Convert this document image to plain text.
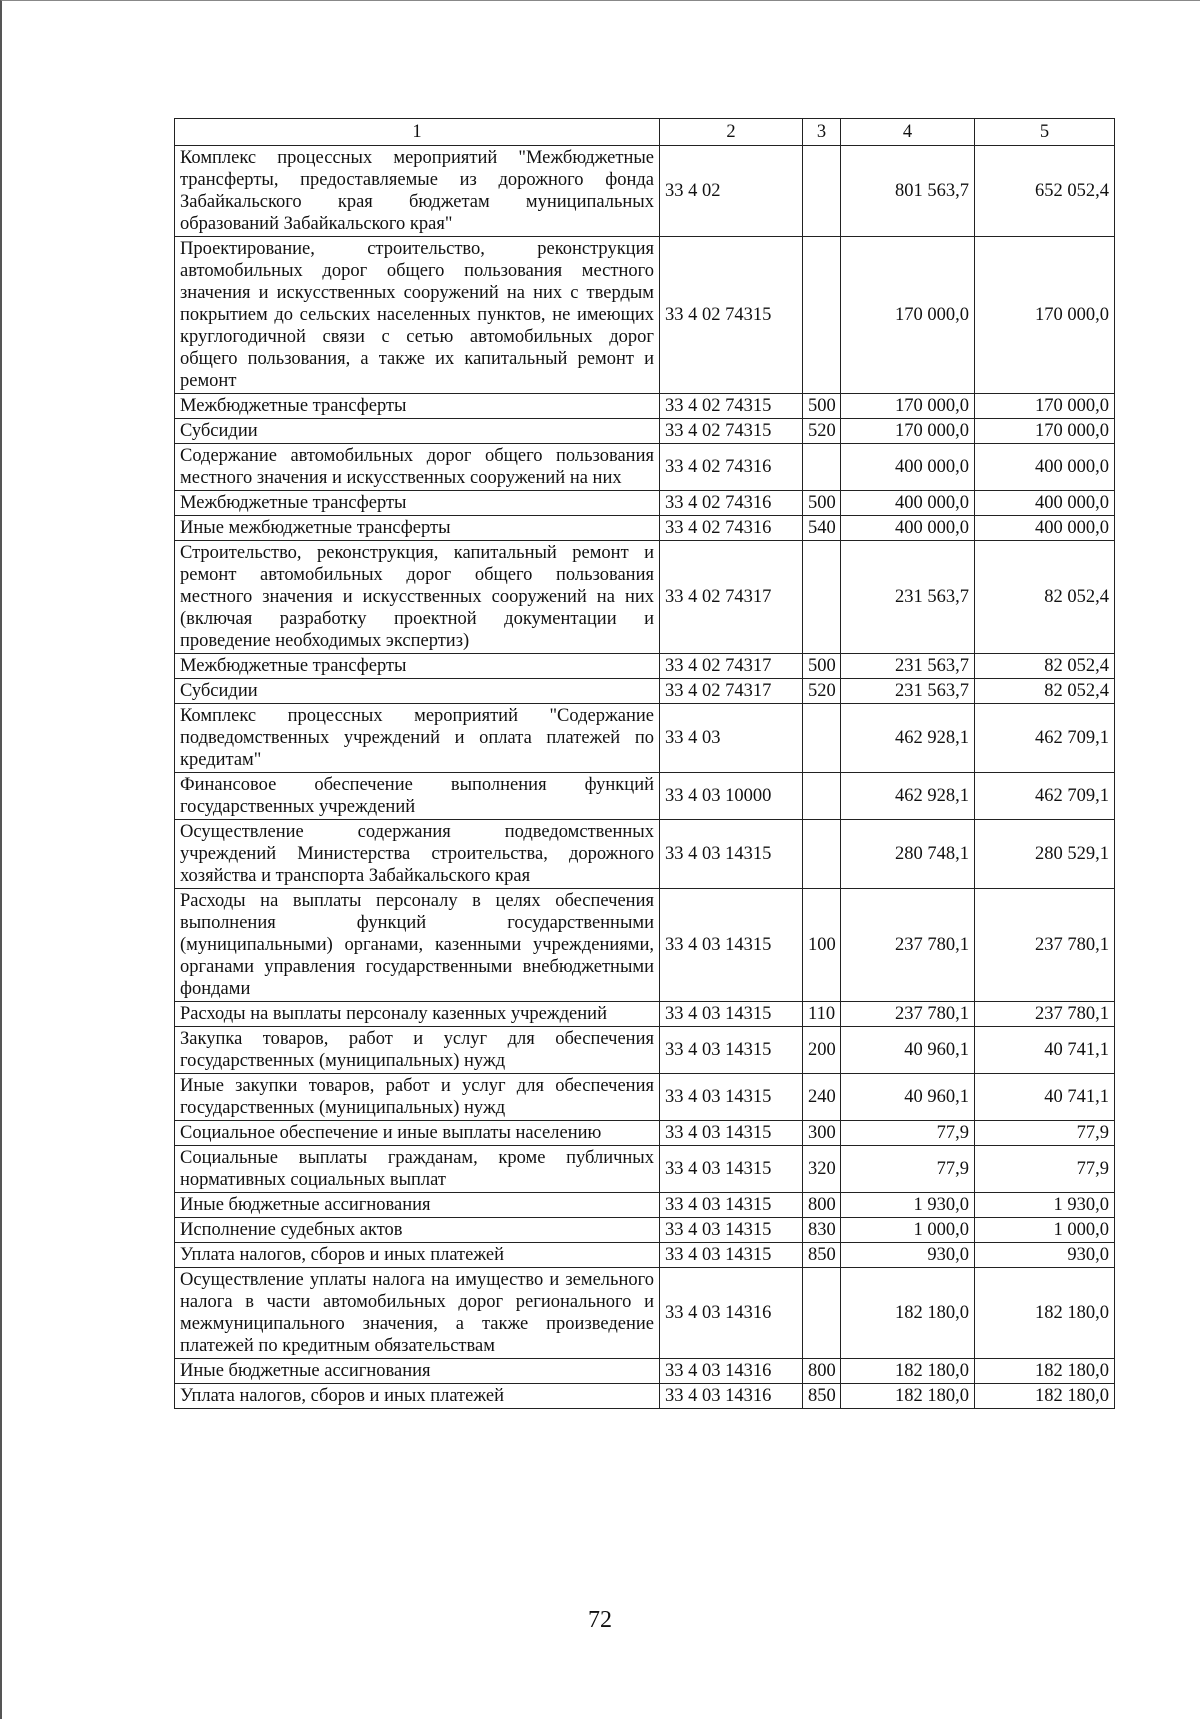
1	2	3	4	5
Комплекс процессных мероприятий "Межбюджетные трансферты, предоставляемые из дорожного фонда Забайкальского края бюджетам муниципальных образований Забайкальского края"	33 4 02		801 563,7	652 052,4
Проектирование, строительство, реконструкция автомобильных дорог общего пользования местного значения и искусственных сооружений на них с твердым покрытием до сельских населенных пунктов, не имеющих круглогодичной связи с сетью автомобильных дорог общего пользования, а также их капитальный ремонт и ремонт	33 4 02 74315		170 000,0	170 000,0
Межбюджетные трансферты	33 4 02 74315	500	170 000,0	170 000,0
Субсидии	33 4 02 74315	520	170 000,0	170 000,0
Содержание автомобильных дорог общего пользования местного значения и искусственных сооружений на них	33 4 02 74316		400 000,0	400 000,0
Межбюджетные трансферты	33 4 02 74316	500	400 000,0	400 000,0
Иные межбюджетные трансферты	33 4 02 74316	540	400 000,0	400 000,0
Строительство, реконструкция, капитальный ремонт и ремонт автомобильных дорог общего пользования местного значения и искусственных сооружений на них (включая разработку проектной документации и проведение необходимых экспертиз)	33 4 02 74317		231 563,7	82 052,4
Межбюджетные трансферты	33 4 02 74317	500	231 563,7	82 052,4
Субсидии	33 4 02 74317	520	231 563,7	82 052,4
Комплекс процессных мероприятий "Содержание подведомственных учреждений и оплата платежей по кредитам"	33 4 03		462 928,1	462 709,1
Финансовое обеспечение выполнения функций государственных учреждений	33 4 03 10000		462 928,1	462 709,1
Осуществление содержания подведомственных учреждений Министерства строительства, дорожного хозяйства и транспорта Забайкальского края	33 4 03 14315		280 748,1	280 529,1
Расходы на выплаты персоналу в целях обеспечения выполнения функций государственными (муниципальными) органами, казенными учреждениями, органами управления государственными внебюджетными фондами	33 4 03 14315	100	237 780,1	237 780,1
Расходы на выплаты персоналу казенных учреждений	33 4 03 14315	110	237 780,1	237 780,1
Закупка товаров, работ и услуг для обеспечения государственных (муниципальных) нужд	33 4 03 14315	200	40 960,1	40 741,1
Иные закупки товаров, работ и услуг для обеспечения государственных (муниципальных) нужд	33 4 03 14315	240	40 960,1	40 741,1
Социальное обеспечение и иные выплаты населению	33 4 03 14315	300	77,9	77,9
Социальные выплаты гражданам, кроме публичных нормативных социальных выплат	33 4 03 14315	320	77,9	77,9
Иные бюджетные ассигнования	33 4 03 14315	800	1 930,0	1 930,0
Исполнение судебных актов	33 4 03 14315	830	1 000,0	1 000,0
Уплата налогов, сборов и иных платежей	33 4 03 14315	850	930,0	930,0
Осуществление уплаты налога на имущество и земельного налога в части автомобильных дорог регионального и межмуниципального значения, а также произведение платежей по кредитным обязательствам	33 4 03 14316		182 180,0	182 180,0
Иные бюджетные ассигнования	33 4 03 14316	800	182 180,0	182 180,0
Уплата налогов, сборов и иных платежей	33 4 03 14316	850	182 180,0	182 180,0
72
